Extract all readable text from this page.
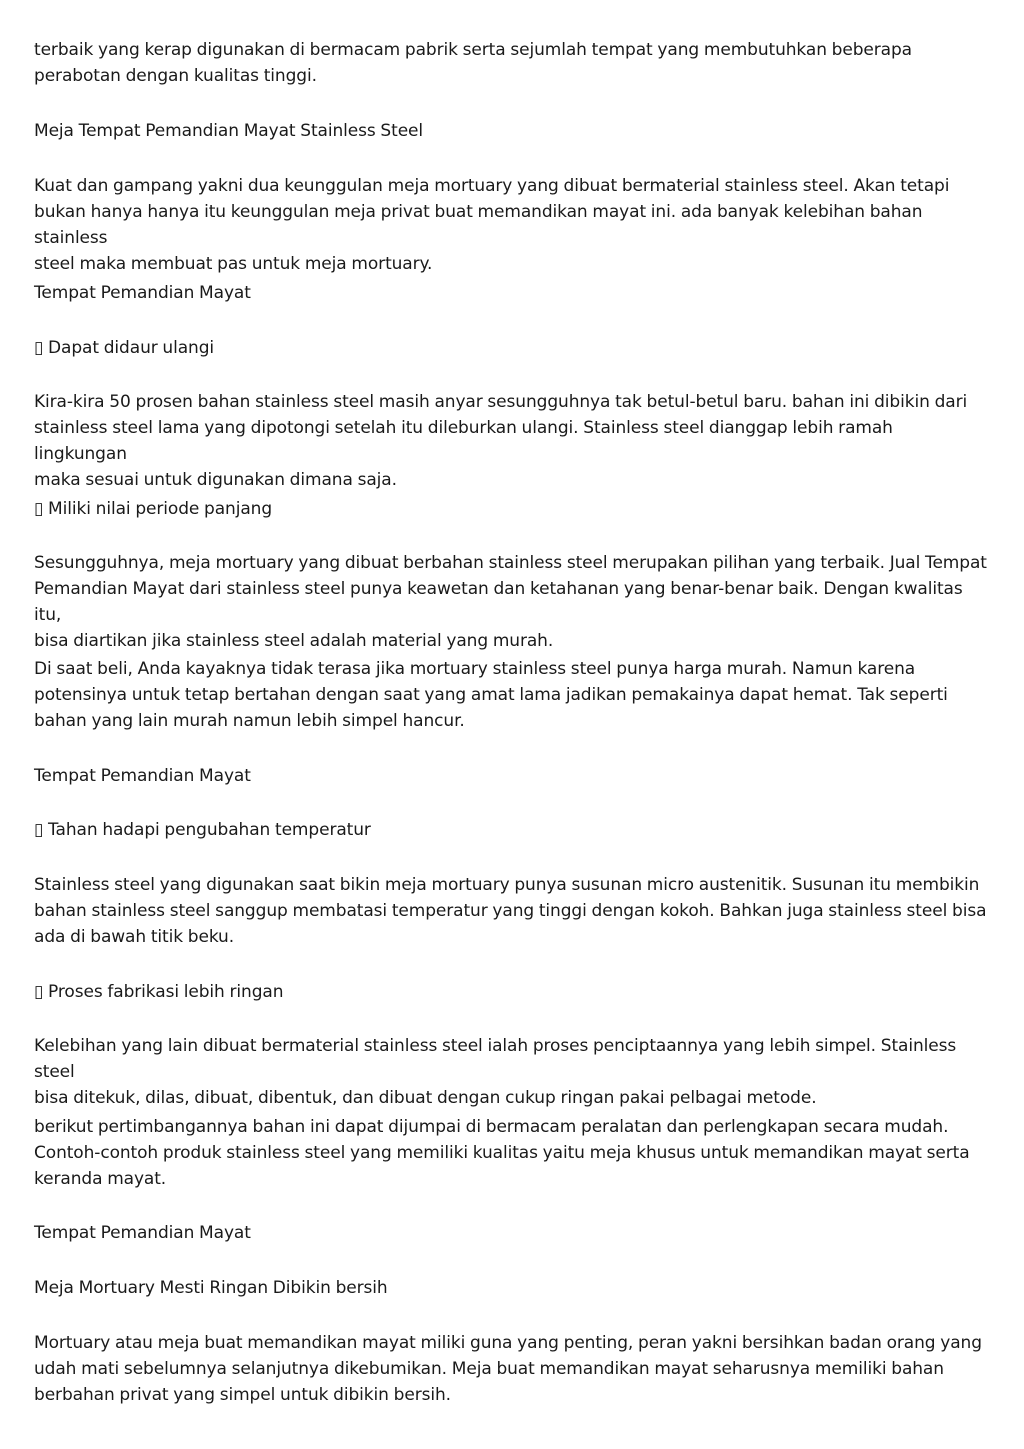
terbaik yang kerap digunakan di bermacam pabrik serta sejumlah tempat yang membutuhkan beberapa
perabotan dengan kualitas tinggi.

Meja Tempat Pemandian Mayat Stainless Steel

Kuat dan gampang yakni dua keunggulan meja mortuary yang dibuat bermaterial stainless steel. Akan tetapi
bukan hanya hanya itu keunggulan meja privat buat memandikan mayat ini. ada banyak kelebihan bahan stainless
steel maka membuat pas untuk meja mortuary.

Tempat Pemandian Mayat

▯ Dapat didaur ulangi

Kira-kira 50 prosen bahan stainless steel masih anyar sesungguhnya tak betul-betul baru. bahan ini dibikin dari
stainless steel lama yang dipotongi setelah itu dileburkan ulangi. Stainless steel dianggap lebih ramah lingkungan
maka sesuai untuk digunakan dimana saja.

▯ Miliki nilai periode panjang

Sesungguhnya, meja mortuary yang dibuat berbahan stainless steel merupakan pilihan yang terbaik. Jual Tempat
Pemandian Mayat dari stainless steel punya keawetan dan ketahanan yang benar-benar baik. Dengan kwalitas itu,
bisa diartikan jika stainless steel adalah material yang murah.

Di saat beli, Anda kayaknya tidak terasa jika mortuary stainless steel punya harga murah. Namun karena
potensinya untuk tetap bertahan dengan saat yang amat lama jadikan pemakainya dapat hemat. Tak seperti
bahan yang lain murah namun lebih simpel hancur.

Tempat Pemandian Mayat

▯ Tahan hadapi pengubahan temperatur

Stainless steel yang digunakan saat bikin meja mortuary punya susunan micro austenitik. Susunan itu membikin
bahan stainless steel sanggup membatasi temperatur yang tinggi dengan kokoh. Bahkan juga stainless steel bisa
ada di bawah titik beku.

▯ Proses fabrikasi lebih ringan

Kelebihan yang lain dibuat bermaterial stainless steel ialah proses penciptaannya yang lebih simpel. Stainless steel
bisa ditekuk, dilas, dibuat, dibentuk, dan dibuat dengan cukup ringan pakai pelbagai metode.

berikut pertimbangannya bahan ini dapat dijumpai di bermacam peralatan dan perlengkapan secara mudah.
Contoh-contoh produk stainless steel yang memiliki kualitas yaitu meja khusus untuk memandikan mayat serta
keranda mayat.

Tempat Pemandian Mayat

Meja Mortuary Mesti Ringan Dibikin bersih

Mortuary atau meja buat memandikan mayat miliki guna yang penting, peran yakni bersihkan badan orang yang
udah mati sebelumnya selanjutnya dikebumikan. Meja buat memandikan mayat seharusnya memiliki bahan
berbahan privat yang simpel untuk dibikin bersih.
